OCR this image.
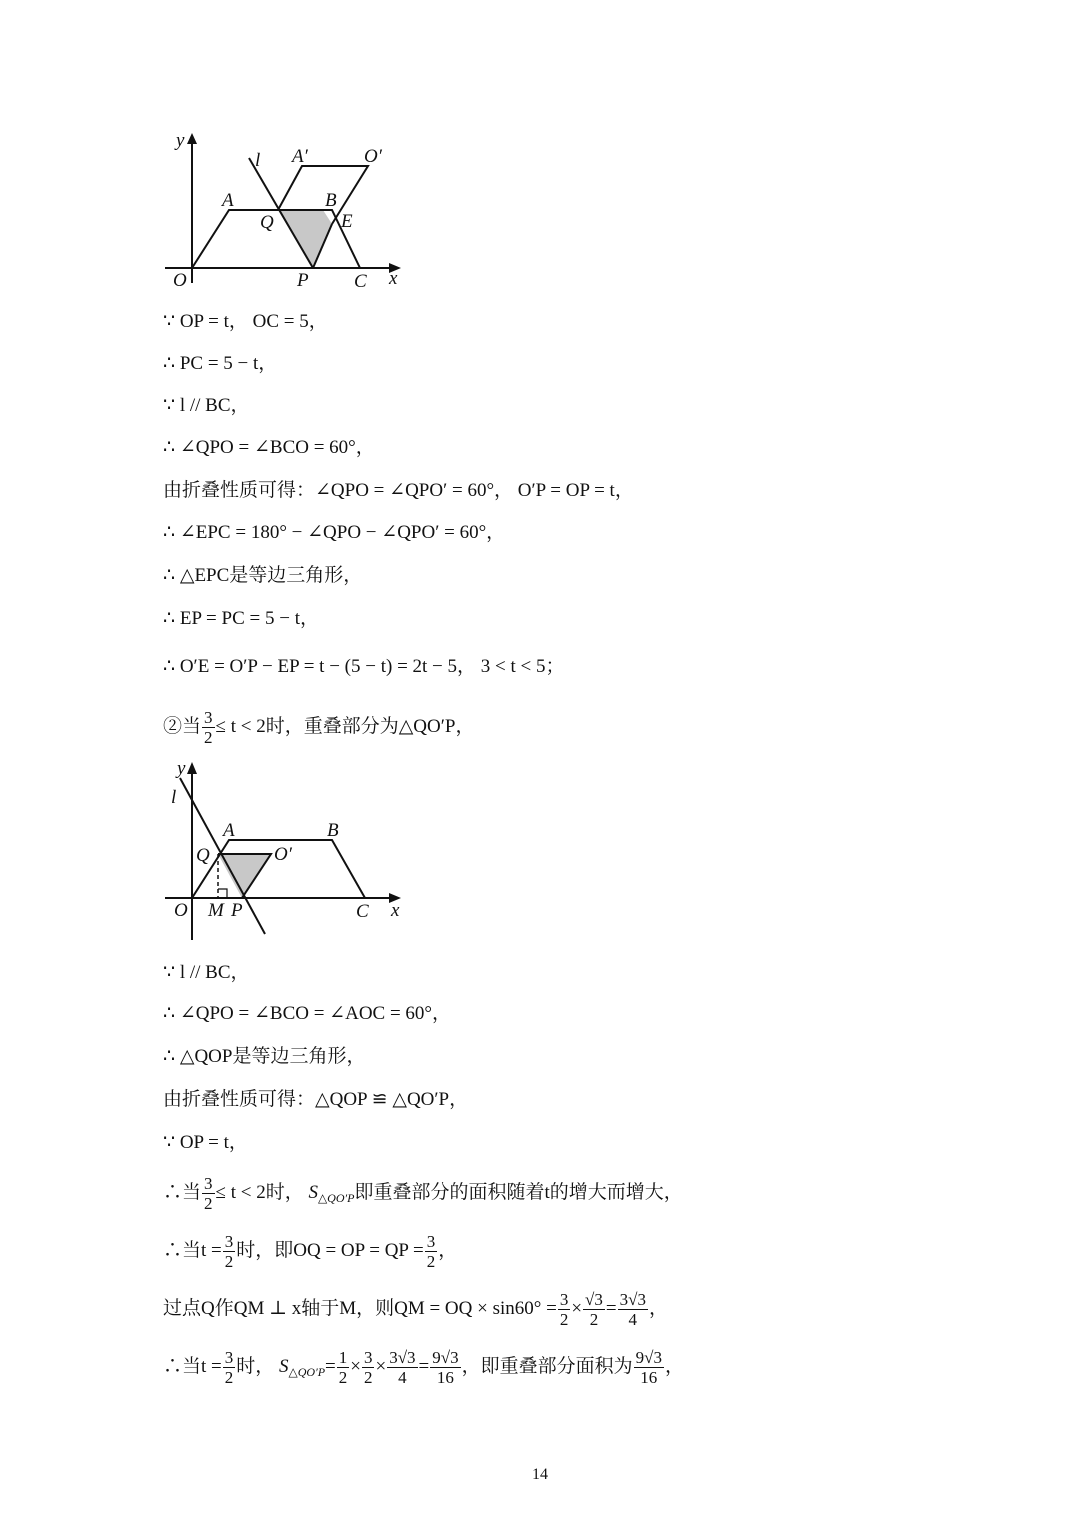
y
x
l A′	O′
A	B
Q	E
O	P C
∵ OP = t， OC = 5，
∴ PC = 5 − t，
∵ l // BC，
∴ ∠QPO = ∠BCO = 60°，
由折叠性质可得：∠QPO = ∠QPO′ = 60°， O′P = OP = t，
∴ ∠EPC = 180° − ∠QPO − ∠QPO′ = 60°，
∴ △EPC是等边三角形，
∴ EP = PC = 5 − t，
∴ O′E = O′P − EP = t − (5 − t) = 2t − 5， 3 < t < 5；
②当 $\frac{3}{2} \le t < 2$时，重叠部分为△QO′P，
y
x
l
A	B
Q	O′
O M P	C
∵ l // BC，
∴ ∠QPO = ∠BCO = ∠AOC = 60°，
∴ △QOP是等边三角形，
由折叠性质可得：△QOP ≌ △QO′P，
∵ OP = t，
∴当 $\frac{3}{2} \le t < 2$时， $S_{\triangle QO'P}$即重叠部分的面积随着t的增大而增大，
∴当$t = \frac{3}{2}$ 时，即OQ = OP = QP = $\frac{3}{2}$ ，
过点Q作QM ⊥ x轴于M，则QM = OQ × $\sin 60^\circ = \frac{3}{2} \times \frac{√3}{2} = \frac{3√3}{4}$ ，
∴当$t = \frac{3}{2}$ 时， $S_{\triangle QO'P}= \frac{1}{2} \times \frac{3}{2} \times \frac{3√3}{4} = \frac{9√3}{16}$ ，即重叠部分面积为 $\frac{9√3}{16}$ ，
14
